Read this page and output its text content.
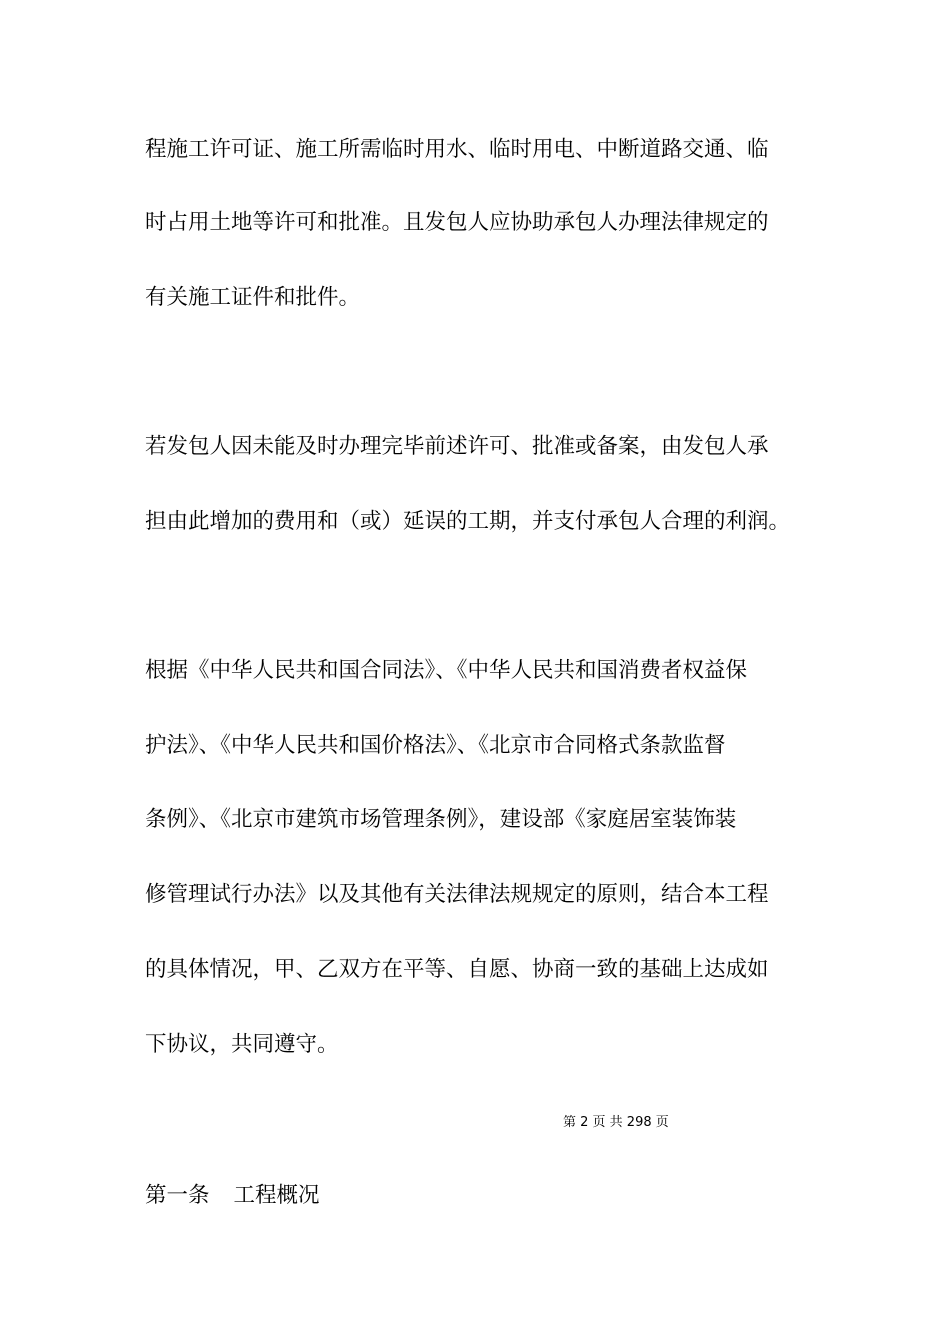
程施工许可证、施工所需临时用水、临时用电、中断道路交通、临
时占用土地等许可和批准。且发包人应协助承包人办理法律规定的
有关施工证件和批件。
若发包人因未能及时办理完毕前述许可、批准或备案，由发包人承
担由此增加的费用和（或）延误的工期，并支付承包人合理的利润。
根据《中华人民共和国合同法》、《中华人民共和国消费者权益保
护法》、《中华人民共和国价格法》、《北京市合同格式条款监督
条例》、《北京市建筑市场管理条例》，建设部《家庭居室装饰装
修管理试行办法》以及其他有关法律法规规定的原则，结合本工程
的具体情况，甲、乙双方在平等、自愿、协商一致的基础上达成如
下协议，共同遵守。
第 2 页 共 298 页
第一条 工程概况
